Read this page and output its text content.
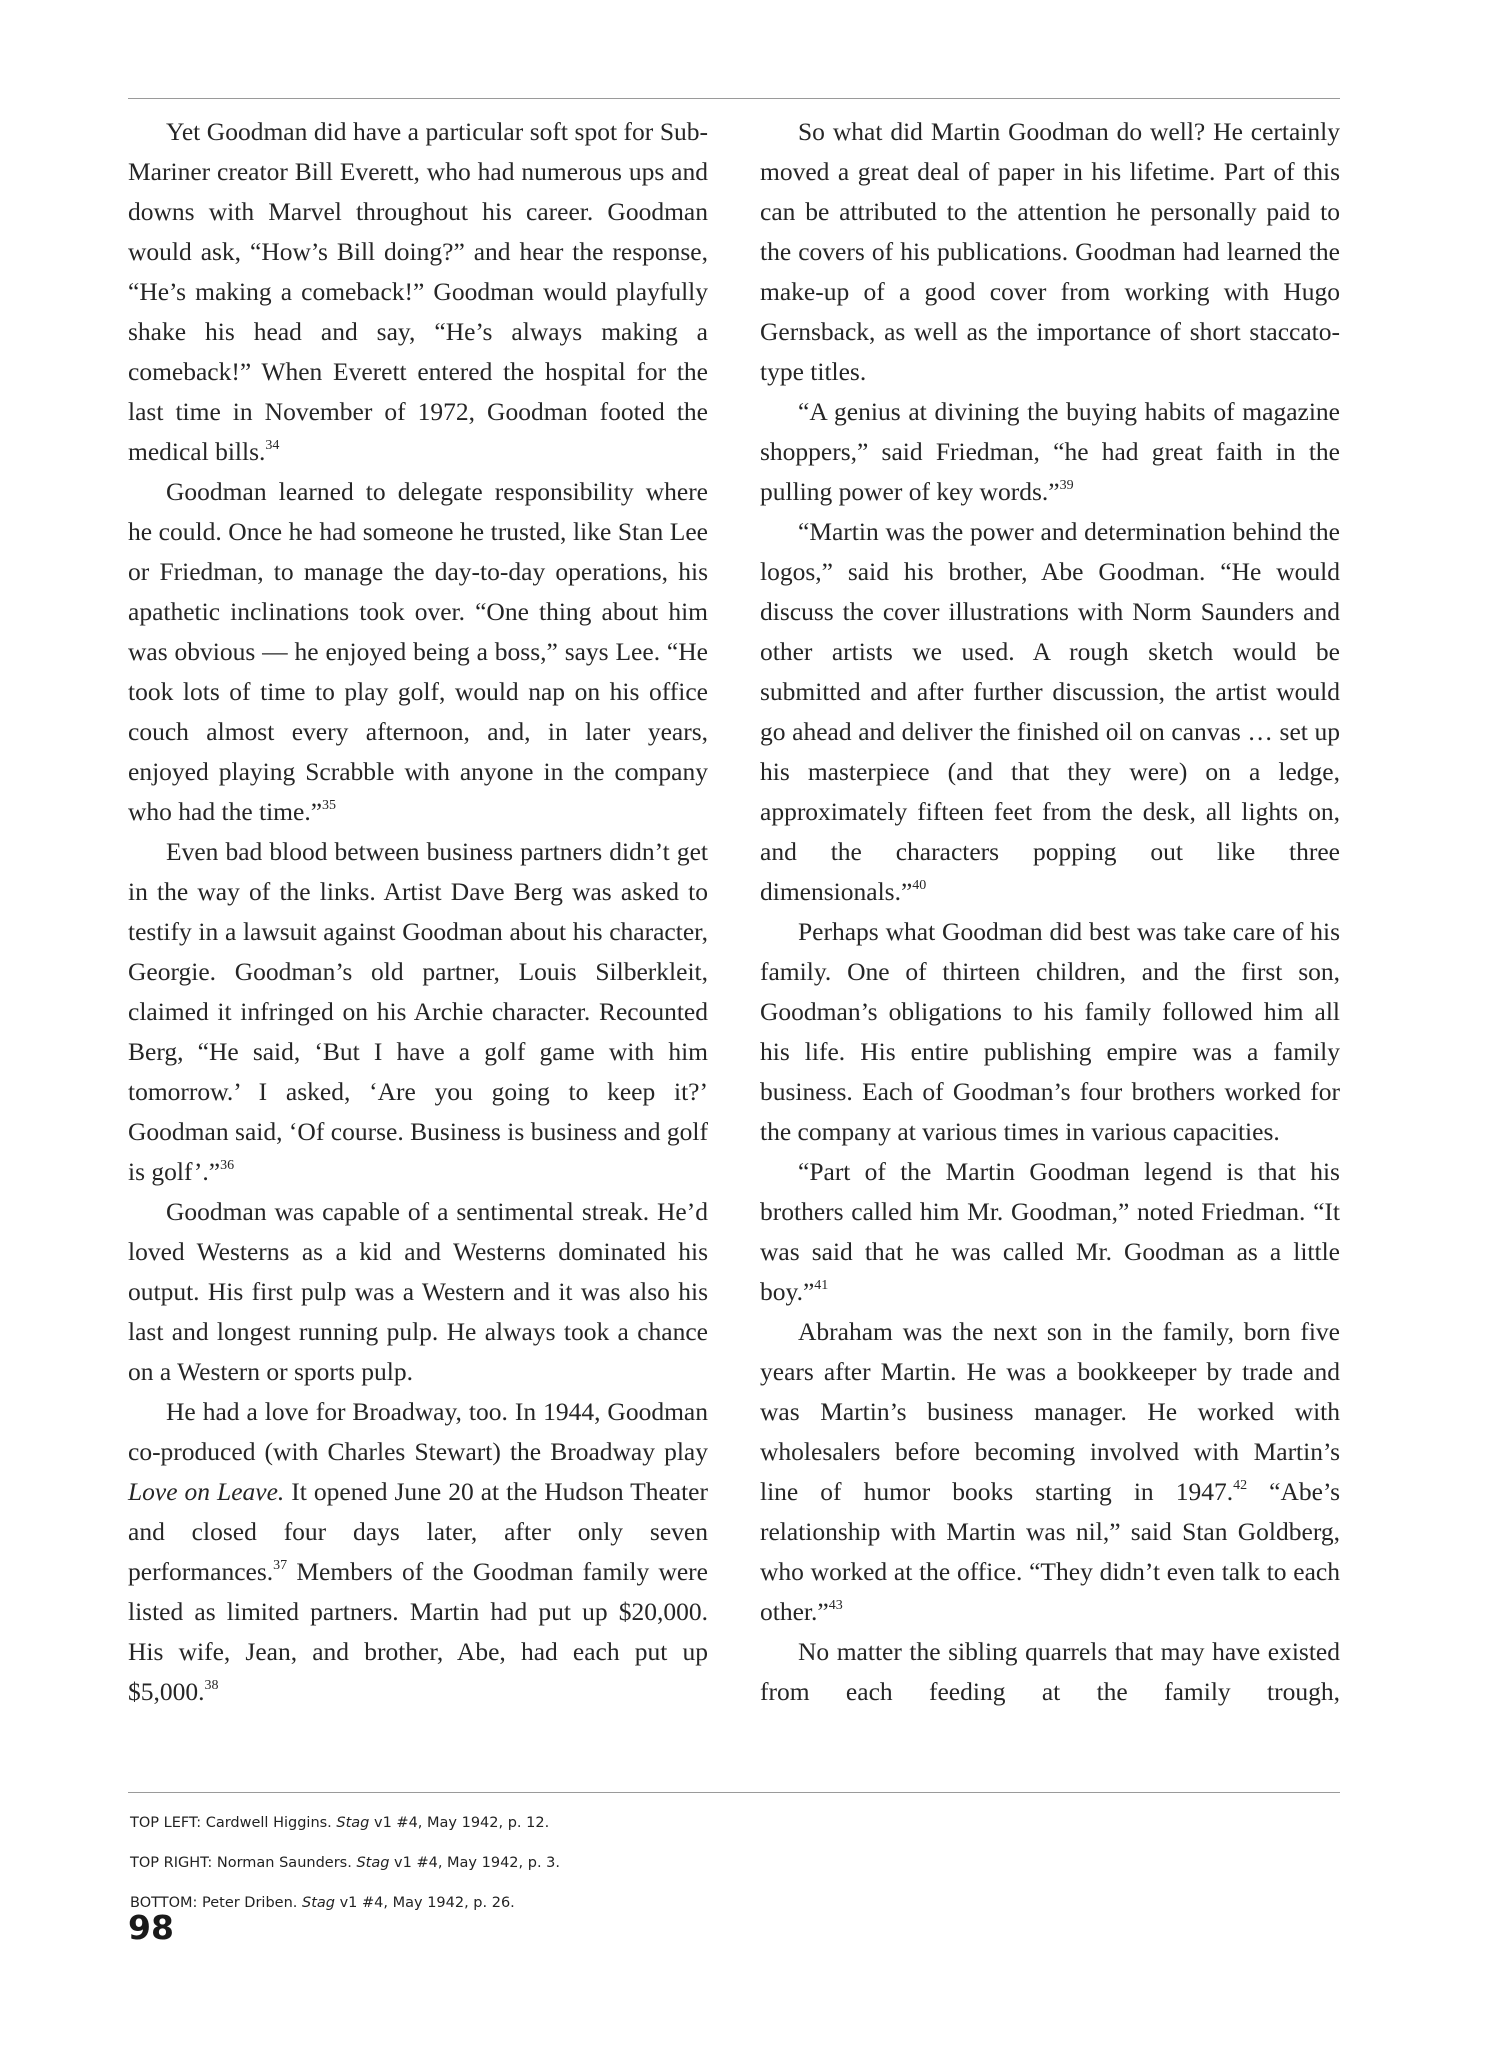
Yet Goodman did have a particular soft spot for Sub-Mariner creator Bill Everett, who had numerous ups and downs with Marvel throughout his career. Goodman would ask, “How’s Bill doing?” and hear the response, “He’s making a comeback!” Goodman would playfully shake his head and say, “He’s always making a comeback!” When Everett entered the hospital for the last time in November of 1972, Goodman footed the medical bills.$^{34}$

Goodman learned to delegate responsibility where he could. Once he had someone he trusted, like Stan Lee or Friedman, to manage the day-to-day operations, his apathetic inclinations took over. “One thing about him was obvious — he enjoyed being a boss,” says Lee. “He took lots of time to play golf, would nap on his office couch almost every afternoon, and, in later years, enjoyed playing Scrabble with anyone in the company who had the time.”$^{35}$

Even bad blood between business partners didn’t get in the way of the links. Artist Dave Berg was asked to testify in a lawsuit against Goodman about his character, Georgie. Goodman’s old partner, Louis Silberkleit, claimed it infringed on his Archie character. Recounted Berg, “He said, ‘But I have a golf game with him tomorrow.’ I asked, ‘Are you going to keep it?’ Goodman said, ‘Of course. Business is business and golf is golf’.”$^{36}$

Goodman was capable of a sentimental streak. He’d loved Westerns as a kid and Westerns dominated his output. His first pulp was a Western and it was also his last and longest running pulp. He always took a chance on a Western or sports pulp.

He had a love for Broadway, too. In 1944, Goodman co-produced (with Charles Stewart) the Broadway play Love on Leave. It opened June 20 at the Hudson Theater and closed four days later, after only seven performances.$^{37}$ Members of the Goodman family were listed as limited partners. Martin had put up $20,000. His wife, Jean, and brother, Abe, had each put up $5,000.38

So what did Martin Goodman do well? He certainly moved a great deal of paper in his lifetime. Part of this can be attributed to the attention he personally paid to the covers of his publications. Goodman had learned the make-up of a good cover from working with Hugo Gernsback, as well as the importance of short staccato-type titles.

“A genius at divining the buying habits of magazine shoppers,” said Friedman, “he had great faith in the pulling power of key words.”$^{39}$

“Martin was the power and determination behind the logos,” said his brother, Abe Goodman. “He would discuss the cover illustrations with Norm Saunders and other artists we used. A rough sketch would be submitted and after further discussion, the artist would go ahead and deliver the finished oil on canvas … set up his masterpiece (and that they were) on a ledge, approximately fifteen feet from the desk, all lights on, and the characters popping out like three dimensionals.”$^{40}$

Perhaps what Goodman did best was take care of his family. One of thirteen children, and the first son, Goodman’s obligations to his family followed him all his life. His entire publishing empire was a family business. Each of Goodman’s four brothers worked for the company at various times in various capacities.

“Part of the Martin Goodman legend is that his brothers called him Mr. Goodman,” noted Friedman. “It was said that he was called Mr. Goodman as a little boy.”$^{41}$

Abraham was the next son in the family, born five years after Martin. He was a bookkeeper by trade and was Martin’s business manager. He worked with wholesalers before becoming involved with Martin’s line of humor books starting in 1947.42 “Abe’s relationship with Martin was nil,” said Stan Goldberg, who worked at the office. “They didn’t even talk to each other.”$^{43}$

No matter the sibling quarrels that may have existed from each feeding at the family trough,

TOP LEFT: Cardwell Higgins. Stag v1 #4, May 1942, p. 12.
TOP RIGHT: Norman Saunders. Stag v1 #4, May 1942, p. 3.
BOTTOM: Peter Driben. Stag v1 #4, May 1942, p. 26.
98
